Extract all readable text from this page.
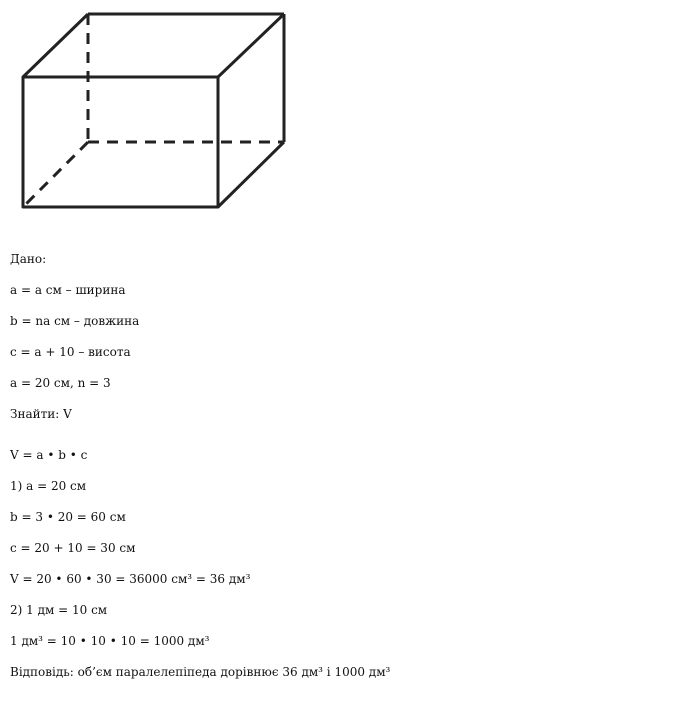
Дано:
a = a см – ширина
b = na см – довжина
c = a + 10 – висота
a = 20 см, n = 3
Знайти: V
V = a • b • c
1) a = 20 см
b = 3 • 20 = 60 см
c = 20 + 10 = 30 см
V = 20 • 60 • 30 = 36000 см³ = 36 дм³
2) 1 дм = 10 см
1 дм³ = 10 • 10 • 10 = 1000 дм³
Відповідь: об’єм паралелепіпеда дорівнює 36 дм³ і 1000 дм³
